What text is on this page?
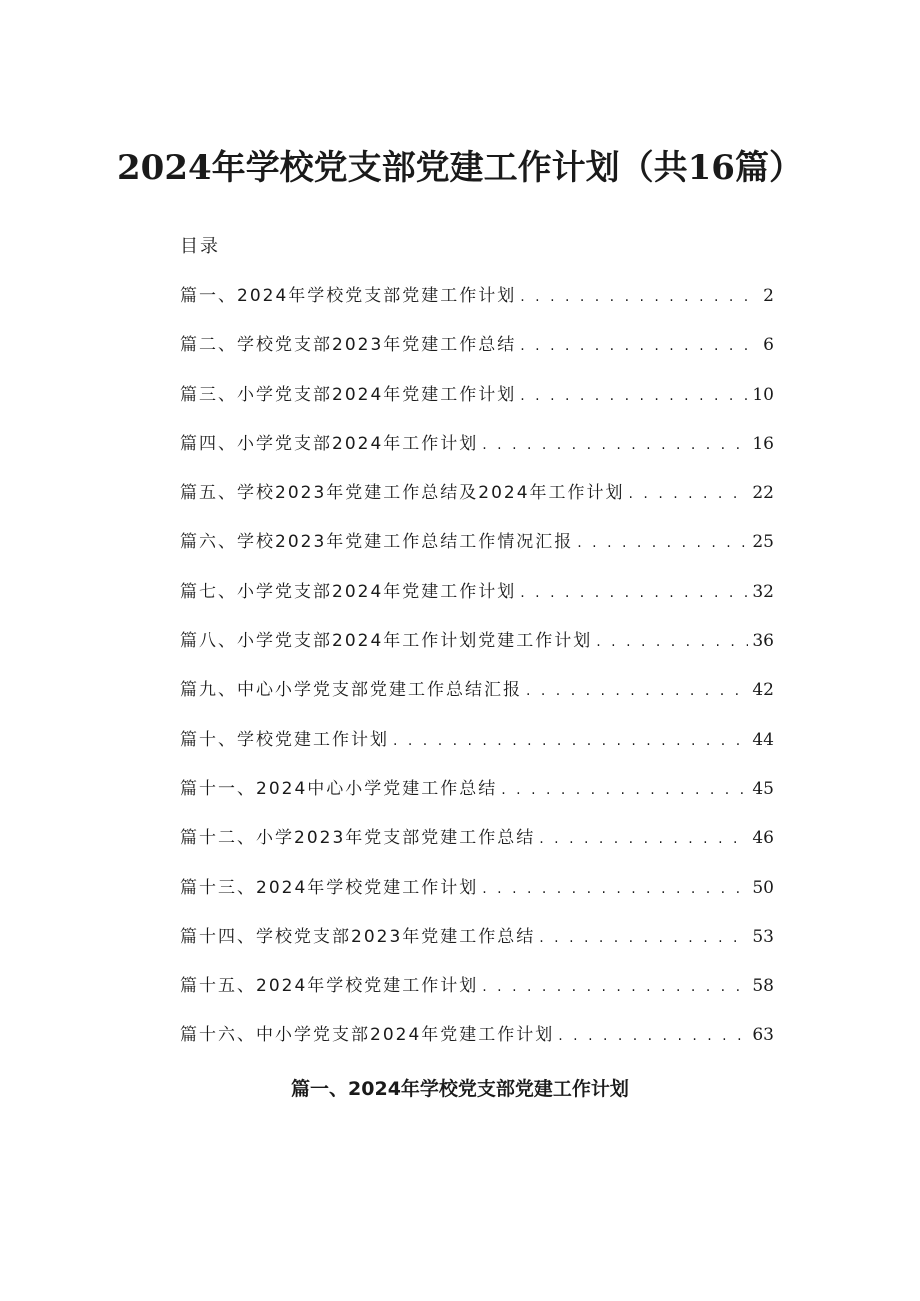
2024年学校党支部党建工作计划（共16篇）
目录
篇一、2024年学校党支部党建工作计划 . . .	2
篇二、学校党支部2023年党建工作总结 . . .	6
篇三、小学党支部2024年党建工作计划 . . .	10
篇四、小学党支部2024年工作计划 . . .	16
篇五、学校2023年党建工作总结及2024年工作计划 . . .	22
篇六、学校2023年党建工作总结工作情况汇报 . . .	25
篇七、小学党支部2024年党建工作计划 . . .	32
篇八、小学党支部2024年工作计划党建工作计划 . . .	36
篇九、中心小学党支部党建工作总结汇报 . . .	42
篇十、学校党建工作计划 . . .	44
篇十一、2024中心小学党建工作总结 . . .	45
篇十二、小学2023年党支部党建工作总结 . . .	46
篇十三、2024年学校党建工作计划 . . .	50
篇十四、学校党支部2023年党建工作总结 . . .	53
篇十五、2024年学校党建工作计划 . . .	58
篇十六、中小学党支部2024年党建工作计划 . . .	63
篇一、2024年学校党支部党建工作计划
